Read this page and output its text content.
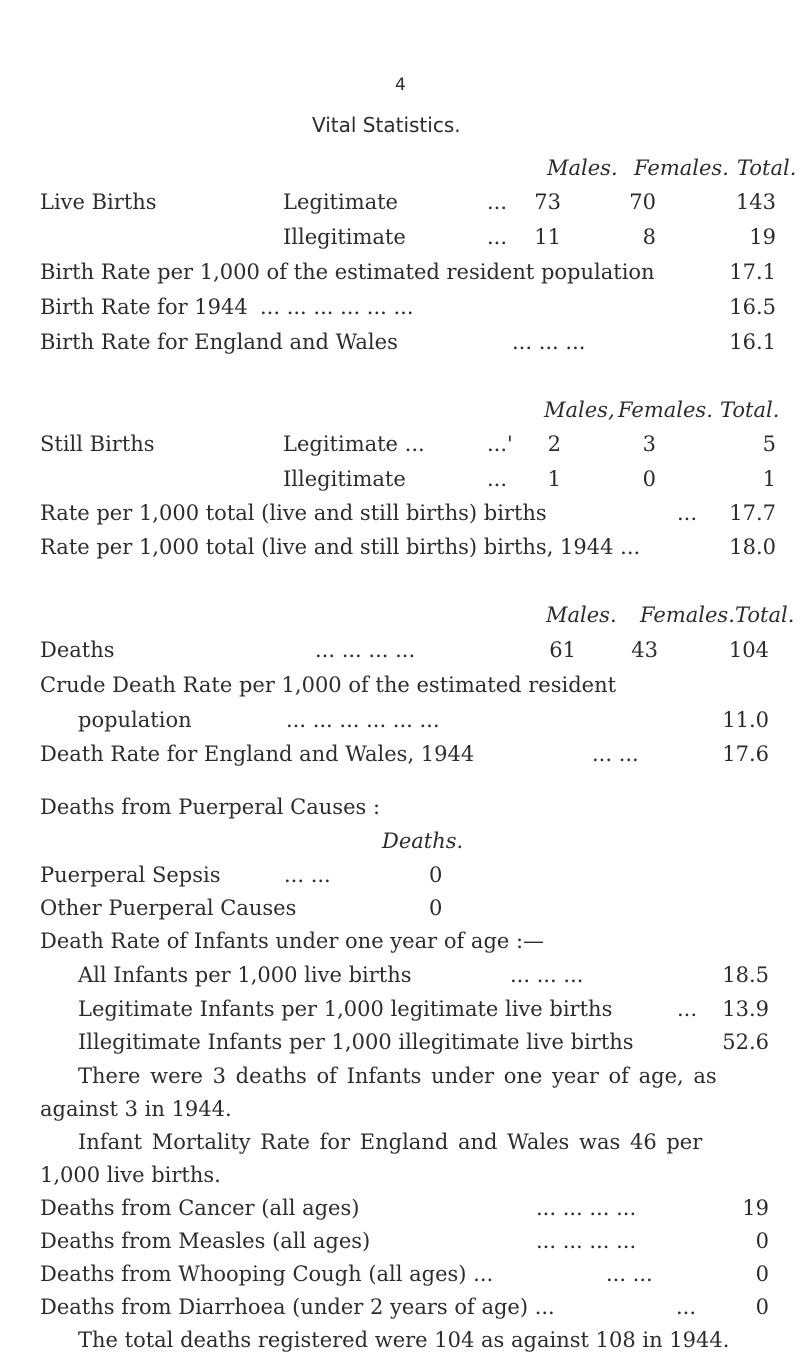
4
Vital Statistics.
Males. Females. Total.
Live Births	Legitimate	... 73	70	143
Illegitimate	... 11	8	19
Birth Rate per 1,000 of the estimated resident population	17.1
Birth Rate for 1944 ... ... ... ... ... ...	16.5
Birth Rate for England and Wales	... ... ...	16.1
Males, Females. Total.
Still Births	Legitimate ...	...' 2	3	5
Illegitimate	... 1	0	1
Rate per 1,000 total (live and still births) births	... 17.7
Rate per 1,000 total (live and still births) births, 1944 ...	18.0
Males. Females. Total.
Deaths	... ... ... ...	61	43	104
Crude Death Rate per 1,000 of the estimated resident
population	... ... ... ... ... ...	11.0
Death Rate for England and Wales, 1944	... ...	17.6
Deaths from Puerperal Causes :
Deaths.
Puerperal Sepsis	... ...	0
Other Puerperal Causes	0
Death Rate of Infants under one year of age :—
All Infants per 1,000 live births	... ... ...	18.5
Legitimate Infants per 1,000 legitimate live births	... 13.9
Illegitimate Infants per 1,000 illegitimate live births	52.6
There were 3 deaths of Infants under one year of age, as
against 3 in 1944.
Infant Mortality Rate for England and Wales was 46 per
1,000 live births.
Deaths from Cancer (all ages)	... ... ... ...	19
Deaths from Measles (all ages)	... ... ... ...	0
Deaths from Whooping Cough (all ages) ...	... ...	0
Deaths from Diarrhoea (under 2 years of age) ...	...	0
The total deaths registered were 104 as against 108 in 1944.
